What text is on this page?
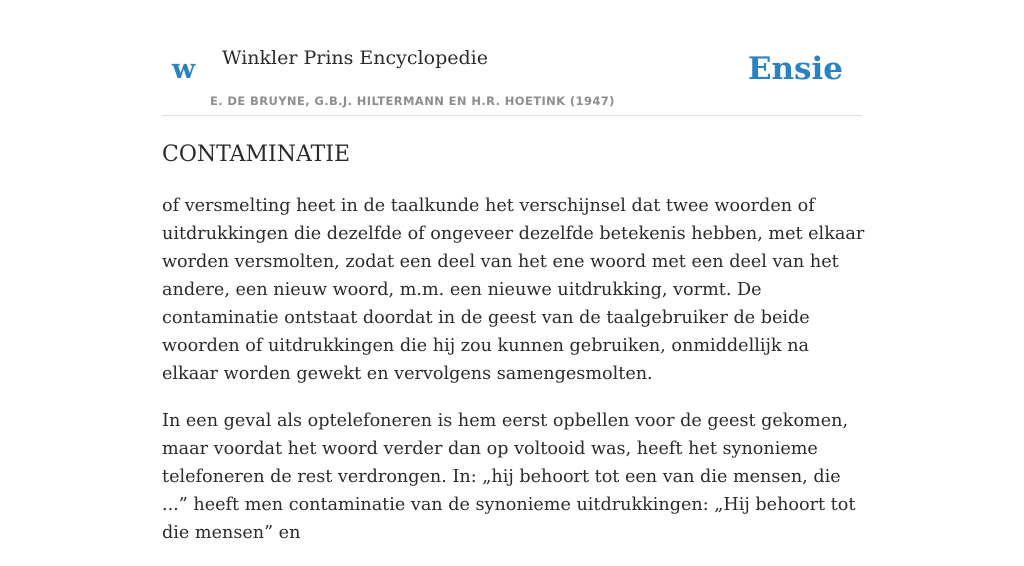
w Winkler Prins Encyclopedie
E. DE BRUYNE, G.B.J. HILTERMANN EN H.R. HOETINK (1947)
Ensie
CONTAMINATIE

of versmelting heet in de taalkunde het verschijnsel dat twee woorden of uitdrukkingen die dezelfde of ongeveer dezelfde betekenis hebben, met elkaar worden versmolten, zodat een deel van het ene woord met een deel van het andere, een nieuw woord, m.m. een nieuwe uitdrukking, vormt. De contaminatie ontstaat doordat in de geest van de taalgebruiker de beide woorden of uitdrukkingen die hij zou kunnen gebruiken, onmiddellijk na elkaar worden gewekt en vervolgens samengesmolten.

In een geval als optelefoneren is hem eerst opbellen voor de geest gekomen, maar voordat het woord verder dan op voltooid was, heeft het synonieme telefoneren de rest verdrongen. In: „hij behoort tot een van die mensen, die ...” heeft men contaminatie van de synonieme uitdrukkingen: „Hij behoort tot die mensen” en
